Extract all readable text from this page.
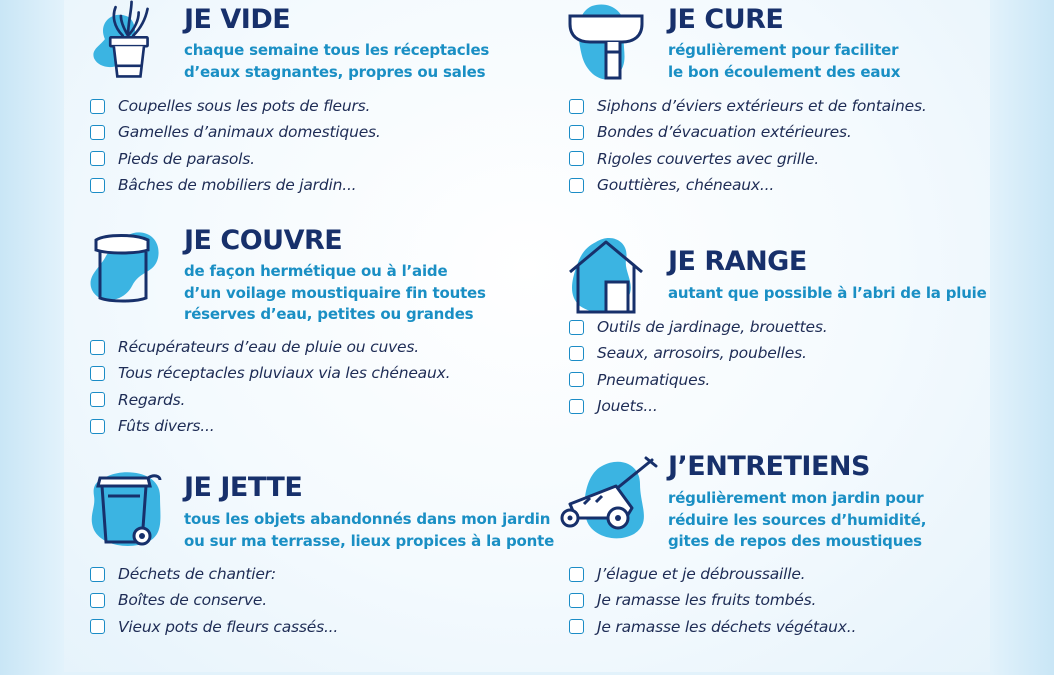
JE VIDE

chaque semaine tous les réceptacles
d’eaux stagnantes, propres ou sales

Coupelles sous les pots de fleurs.
Gamelles d’animaux domestiques.
Pieds de parasols.
Bâches de mobiliers de jardin...
JE CURE

régulièrement pour faciliter
le bon écoulement des eaux

Siphons d’éviers extérieurs et de fontaines.
Bondes d’évacuation extérieures.
Rigoles couvertes avec grille.
Gouttières, chéneaux...
JE COUVRE

de façon hermétique ou à l’aide
d’un voilage moustiquaire fin toutes
réserves d’eau, petites ou grandes

Récupérateurs d’eau de pluie ou cuves.
Tous réceptacles pluviaux via les chéneaux.
Regards.
Fûts divers...
JE RANGE

autant que possible à l’abri de la pluie

Outils de jardinage, brouettes.
Seaux, arrosoirs, poubelles.
Pneumatiques.
Jouets...
JE JETTE

tous les objets abandonnés dans mon jardin
ou sur ma terrasse, lieux propices à la ponte

Déchets de chantier:
Boîtes de conserve.
Vieux pots de fleurs cassés...
J’ENTRETIENS

régulièrement mon jardin pour
réduire les sources d’humidité,
gites de repos des moustiques

J’élague et je débroussaille.
Je ramasse les fruits tombés.
Je ramasse les déchets végétaux..
